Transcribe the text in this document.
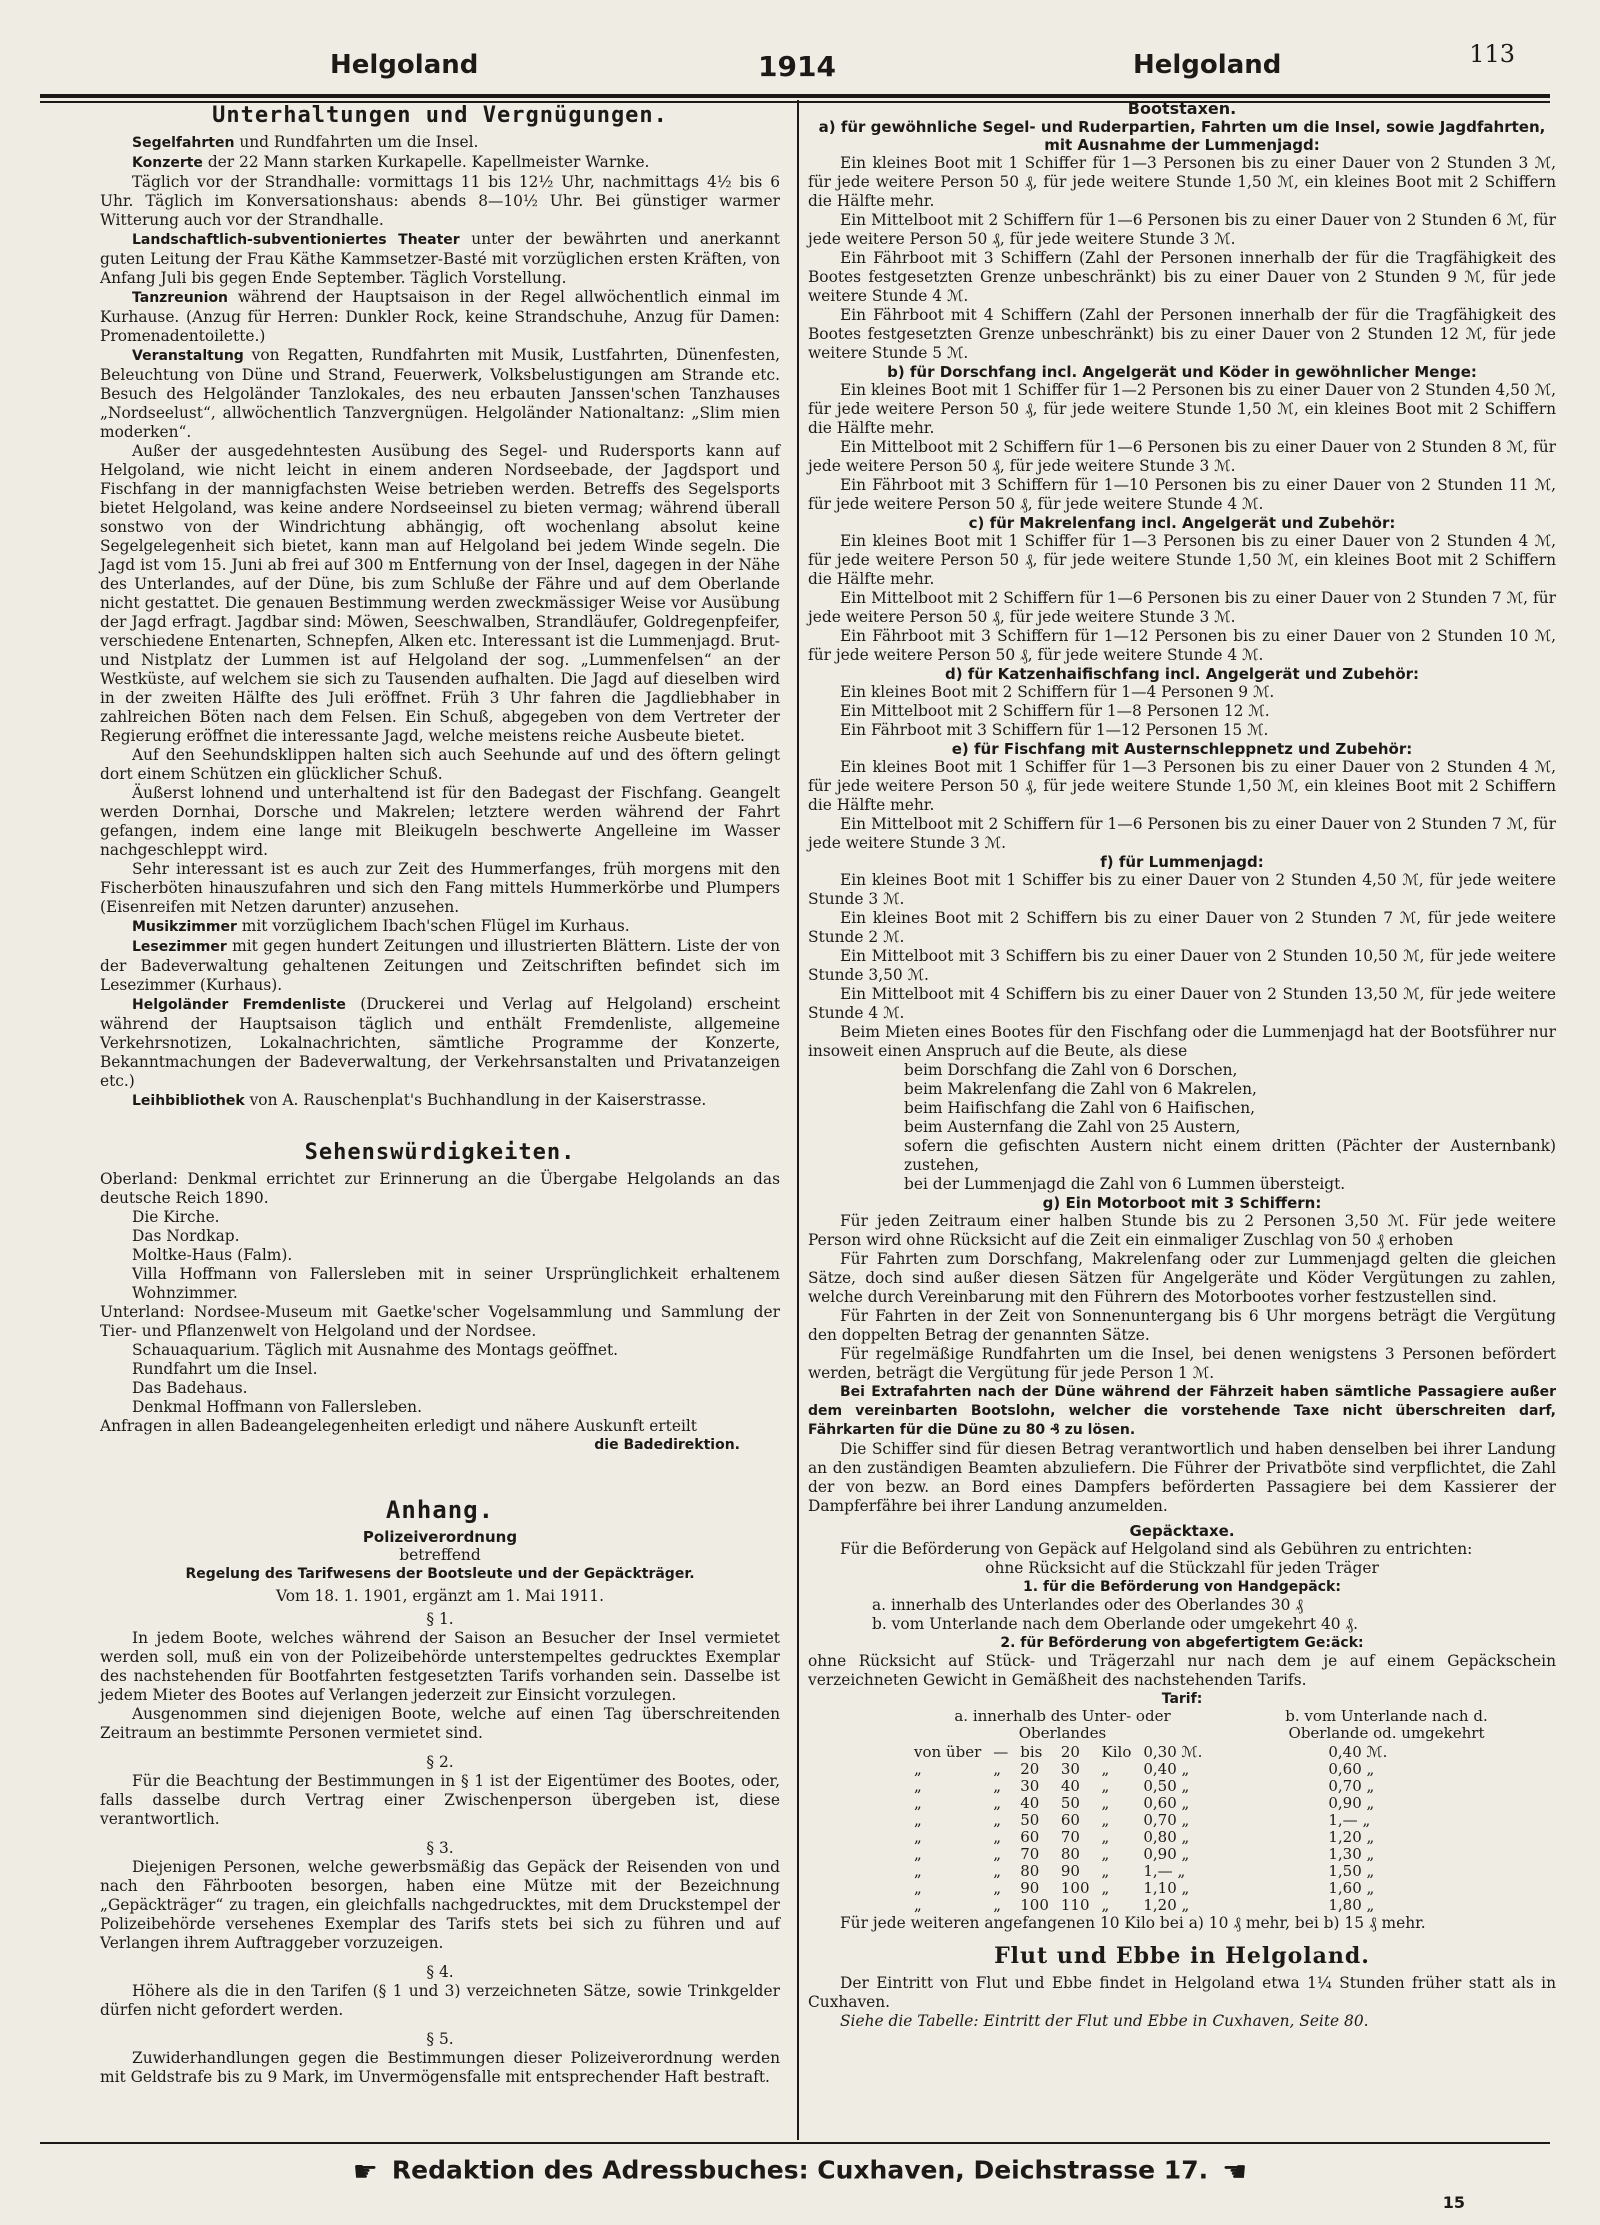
Helgoland	1914	Helgoland	113
Unterhaltungen und Vergnügungen.

Segelfahrten und Rundfahrten um die Insel.

Konzerte der 22 Mann starken Kurkapelle. Kapellmeister Warnke.

Täglich vor der Strandhalle: vormittags 11 bis 12½ Uhr, nachmittags 4½ bis 6 Uhr. Täglich im Konversationshaus: abends 8—10½ Uhr. Bei günstiger warmer Witterung auch vor der Strandhalle.

Landschaftlich-subventioniertes Theater unter der bewährten und anerkannt guten Leitung der Frau Käthe Kammsetzer-Basté mit vorzüglichen ersten Kräften, von Anfang Juli bis gegen Ende September. Täglich Vorstellung.

Tanzreunion während der Hauptsaison in der Regel allwöchentlich einmal im Kurhause. (Anzug für Herren: Dunkler Rock, keine Strandschuhe, Anzug für Damen: Promenadentoilette.)

Veranstaltung von Regatten, Rundfahrten mit Musik, Lustfahrten, Dünenfesten, Beleuchtung von Düne und Strand, Feuerwerk, Volksbelustigungen am Strande etc. Besuch des Helgoländer Tanzlokales, des neu erbauten Janssen'schen Tanzhauses „Nordseelust“, allwöchentlich Tanzvergnügen. Helgoländer Nationaltanz: „Slim mien moderken“.

Außer der ausgedehntesten Ausübung des Segel- und Rudersports kann auf Helgoland, wie nicht leicht in einem anderen Nordseebade, der Jagdsport und Fischfang in der mannigfachsten Weise betrieben werden. Betreffs des Segelsports bietet Helgoland, was keine andere Nordseeinsel zu bieten vermag; während überall sonstwo von der Windrichtung abhängig, oft wochenlang absolut keine Segelgelegenheit sich bietet, kann man auf Helgoland bei jedem Winde segeln. Die Jagd ist vom 15. Juni ab frei auf 300 m Entfernung von der Insel, dagegen in der Nähe des Unterlandes, auf der Düne, bis zum Schluße der Fähre und auf dem Oberlande nicht gestattet. Die genauen Bestimmung werden zweckmässiger Weise vor Ausübung der Jagd erfragt. Jagdbar sind: Möwen, Seeschwalben, Strandläufer, Goldregenpfeifer, verschiedene Entenarten, Schnepfen, Alken etc. Interessant ist die Lummenjagd. Brut- und Nistplatz der Lummen ist auf Helgoland der sog. „Lummenfelsen“ an der Westküste, auf welchem sie sich zu Tausenden aufhalten. Die Jagd auf dieselben wird in der zweiten Hälfte des Juli eröffnet. Früh 3 Uhr fahren die Jagdliebhaber in zahlreichen Böten nach dem Felsen. Ein Schuß, abgegeben von dem Vertreter der Regierung eröffnet die interessante Jagd, welche meistens reiche Ausbeute bietet.

Auf den Seehundsklippen halten sich auch Seehunde auf und des öftern gelingt dort einem Schützen ein glücklicher Schuß.

Äußerst lohnend und unterhaltend ist für den Badegast der Fischfang. Geangelt werden Dornhai, Dorsche und Makrelen; letztere werden während der Fahrt gefangen, indem eine lange mit Bleikugeln beschwerte Angelleine im Wasser nachgeschleppt wird.

Sehr interessant ist es auch zur Zeit des Hummerfanges, früh morgens mit den Fischerböten hinauszufahren und sich den Fang mittels Hummerkörbe und Plumpers (Eisenreifen mit Netzen darunter) anzusehen.

Musikzimmer mit vorzüglichem Ibach'schen Flügel im Kurhaus.

Lesezimmer mit gegen hundert Zeitungen und illustrierten Blättern. Liste der von der Badeverwaltung gehaltenen Zeitungen und Zeitschriften befindet sich im Lesezimmer (Kurhaus).

Helgoländer Fremdenliste (Druckerei und Verlag auf Helgoland) erscheint während der Hauptsaison täglich und enthält Fremdenliste, allgemeine Verkehrsnotizen, Lokalnachrichten, sämtliche Programme der Konzerte, Bekanntmachungen der Badeverwaltung, der Verkehrsanstalten und Privatanzeigen etc.)

Leihbibliothek von A. Rauschenplat's Buchhandlung in der Kaiserstrasse.

Sehenswürdigkeiten.

Oberland: Denkmal errichtet zur Erinnerung an die Übergabe Helgolands an das deutsche Reich 1890.

Die Kirche.

Das Nordkap.

Moltke-Haus (Falm).

Villa Hoffmann von Fallersleben mit in seiner Ursprünglichkeit erhaltenem Wohnzimmer.

Unterland: Nordsee-Museum mit Gaetke'scher Vogelsammlung und Sammlung der Tier- und Pflanzenwelt von Helgoland und der Nordsee.

Schauaquarium. Täglich mit Ausnahme des Montags geöffnet.

Rundfahrt um die Insel.

Das Badehaus.

Denkmal Hoffmann von Fallersleben.

Anfragen in allen Badeangelegenheiten erledigt und nähere Auskunft erteilt

die Badedirektion.
Anhang.
Polizeiverordnung
betreffend
Regelung des Tarifwesens der Bootsleute und der Gepäckträger.
Vom 18. 1. 1901, ergänzt am 1. Mai 1911.
§ 1.

In jedem Boote, welches während der Saison an Besucher der Insel vermietet werden soll, muß ein von der Polizeibehörde unterstempeltes gedrucktes Exemplar des nachstehenden für Bootfahrten festgesetzten Tarifs vorhanden sein. Dasselbe ist jedem Mieter des Bootes auf Verlangen jederzeit zur Einsicht vorzulegen.

Ausgenommen sind diejenigen Boote, welche auf einen Tag überschreitenden Zeitraum an bestimmte Personen vermietet sind.

§ 2.

Für die Beachtung der Bestimmungen in § 1 ist der Eigentümer des Bootes, oder, falls dasselbe durch Vertrag einer Zwischenperson übergeben ist, diese verantwortlich.

§ 3.

Diejenigen Personen, welche gewerbsmäßig das Gepäck der Reisenden von und nach den Fährbooten besorgen, haben eine Mütze mit der Bezeichnung „Gepäckträger“ zu tragen, ein gleichfalls nachgedrucktes, mit dem Druckstempel der Polizeibehörde versehenes Exemplar des Tarifs stets bei sich zu führen und auf Verlangen ihrem Auftraggeber vorzuzeigen.

§ 4.

Höhere als die in den Tarifen (§ 1 und 3) verzeichneten Sätze, sowie Trinkgelder dürfen nicht gefordert werden.

§ 5.

Zuwiderhandlungen gegen die Bestimmungen dieser Polizeiverordnung werden mit Geldstrafe bis zu 9 Mark, im Unvermögensfalle mit entsprechender Haft bestraft.

Bootstaxen.
a) für gewöhnliche Segel- und Ruderpartien, Fahrten um die Insel, sowie Jagdfahrten, mit Ausnahme der Lummenjagd:

Ein kleines Boot mit 1 Schiffer für 1—3 Personen bis zu einer Dauer von 2 Stunden 3 ℳ, für jede weitere Person 50 ₰, für jede weitere Stunde 1,50 ℳ, ein kleines Boot mit 2 Schiffern die Hälfte mehr.

Ein Mittelboot mit 2 Schiffern für 1—6 Personen bis zu einer Dauer von 2 Stunden 6 ℳ, für jede weitere Person 50 ₰, für jede weitere Stunde 3 ℳ.

Ein Fährboot mit 3 Schiffern (Zahl der Personen innerhalb der für die Tragfähigkeit des Bootes festgesetzten Grenze unbeschränkt) bis zu einer Dauer von 2 Stunden 9 ℳ, für jede weitere Stunde 4 ℳ.

Ein Fährboot mit 4 Schiffern (Zahl der Personen innerhalb der für die Tragfähigkeit des Bootes festgesetzten Grenze unbeschränkt) bis zu einer Dauer von 2 Stunden 12 ℳ, für jede weitere Stunde 5 ℳ.

b) für Dorschfang incl. Angelgerät und Köder in gewöhnlicher Menge:

Ein kleines Boot mit 1 Schiffer für 1—2 Personen bis zu einer Dauer von 2 Stunden 4,50 ℳ, für jede weitere Person 50 ₰, für jede weitere Stunde 1,50 ℳ, ein kleines Boot mit 2 Schiffern die Hälfte mehr.

Ein Mittelboot mit 2 Schiffern für 1—6 Personen bis zu einer Dauer von 2 Stunden 8 ℳ, für jede weitere Person 50 ₰, für jede weitere Stunde 3 ℳ.

Ein Fährboot mit 3 Schiffern für 1—10 Personen bis zu einer Dauer von 2 Stunden 11 ℳ, für jede weitere Person 50 ₰, für jede weitere Stunde 4 ℳ.

c) für Makrelenfang incl. Angelgerät und Zubehör:

Ein kleines Boot mit 1 Schiffer für 1—3 Personen bis zu einer Dauer von 2 Stunden 4 ℳ, für jede weitere Person 50 ₰, für jede weitere Stunde 1,50 ℳ, ein kleines Boot mit 2 Schiffern die Hälfte mehr.

Ein Mittelboot mit 2 Schiffern für 1—6 Personen bis zu einer Dauer von 2 Stunden 7 ℳ, für jede weitere Person 50 ₰, für jede weitere Stunde 3 ℳ.

Ein Fährboot mit 3 Schiffern für 1—12 Personen bis zu einer Dauer von 2 Stunden 10 ℳ, für jede weitere Person 50 ₰, für jede weitere Stunde 4 ℳ.

d) für Katzenhaifischfang incl. Angelgerät und Zubehör:

Ein kleines Boot mit 2 Schiffern für 1—4 Personen 9 ℳ.

Ein Mittelboot mit 2 Schiffern für 1—8 Personen 12 ℳ.

Ein Fährboot mit 3 Schiffern für 1—12 Personen 15 ℳ.

e) für Fischfang mit Austernschleppnetz und Zubehör:

Ein kleines Boot mit 1 Schiffer für 1—3 Personen bis zu einer Dauer von 2 Stunden 4 ℳ, für jede weitere Person 50 ₰, für jede weitere Stunde 1,50 ℳ, ein kleines Boot mit 2 Schiffern die Hälfte mehr.

Ein Mittelboot mit 2 Schiffern für 1—6 Personen bis zu einer Dauer von 2 Stunden 7 ℳ, für jede weitere Stunde 3 ℳ.

f) für Lummenjagd:

Ein kleines Boot mit 1 Schiffer bis zu einer Dauer von 2 Stunden 4,50 ℳ, für jede weitere Stunde 3 ℳ.

Ein kleines Boot mit 2 Schiffern bis zu einer Dauer von 2 Stunden 7 ℳ, für jede weitere Stunde 2 ℳ.

Ein Mittelboot mit 3 Schiffern bis zu einer Dauer von 2 Stunden 10,50 ℳ, für jede weitere Stunde 3,50 ℳ.

Ein Mittelboot mit 4 Schiffern bis zu einer Dauer von 2 Stunden 13,50 ℳ, für jede weitere Stunde 4 ℳ.

Beim Mieten eines Bootes für den Fischfang oder die Lummenjagd hat der Bootsführer nur insoweit einen Anspruch auf die Beute, als diese

beim Dorschfang die Zahl von 6 Dorschen,

beim Makrelenfang die Zahl von 6 Makrelen,

beim Haifischfang die Zahl von 6 Haifischen,

beim Austernfang die Zahl von 25 Austern,

sofern die gefischten Austern nicht einem dritten (Pächter der Austernbank) zustehen,

bei der Lummenjagd die Zahl von 6 Lummen übersteigt.

g) Ein Motorboot mit 3 Schiffern:

Für jeden Zeitraum einer halben Stunde bis zu 2 Personen 3,50 ℳ. Für jede weitere Person wird ohne Rücksicht auf die Zeit ein einmaliger Zuschlag von 50 ₰ erhoben

Für Fahrten zum Dorschfang, Makrelenfang oder zur Lummenjagd gelten die gleichen Sätze, doch sind außer diesen Sätzen für Angelgeräte und Köder Vergütungen zu zahlen, welche durch Vereinbarung mit den Führern des Motorbootes vorher festzustellen sind.

Für Fahrten in der Zeit von Sonnenuntergang bis 6 Uhr morgens beträgt die Vergütung den doppelten Betrag der genannten Sätze.

Für regelmäßige Rundfahrten um die Insel, bei denen wenigstens 3 Personen befördert werden, beträgt die Vergütung für jede Person 1 ℳ.

Bei Extrafahrten nach der Düne während der Fährzeit haben sämtliche Passagiere außer dem vereinbarten Bootslohn, welcher die vorstehende Taxe nicht überschreiten darf, Fährkarten für die Düne zu 80 ₰ zu lösen.

Die Schiffer sind für diesen Betrag verantwortlich und haben denselben bei ihrer Landung an den zuständigen Beamten abzuliefern. Die Führer der Privatböte sind verpflichtet, die Zahl der von bezw. an Bord eines Dampfers beförderten Passagiere bei dem Kassierer der Dampferfähre bei ihrer Landung anzumelden.

Gepäcktaxe.

Für die Beförderung von Gepäck auf Helgoland sind als Gebühren zu entrichten:

ohne Rücksicht auf die Stückzahl für jeden Träger

1. für die Beförderung von Handgepäck:
a. innerhalb des Unterlandes oder des Oberlandes 30 ₰
b. vom Unterlande nach dem Oberlande oder umgekehrt 40 ₰.
2. für Beförderung von abgefertigtem Ge:äck:

ohne Rücksicht auf Stück- und Trägerzahl nur nach dem je auf einem Gepäckschein verzeichneten Gewicht in Gemäßheit des nachstehenden Tarifs.

Tarif:
a. innerhalb des Unter- oder Oberlandes
b. vom Unterlande nach d. Oberlande od. umgekehrt
von über	—	bis	20	Kilo	0,30 ℳ.	0,40 ℳ.
„	„	20	30	„	0,40 „	0,60 „
„	„	30	40	„	0,50 „	0,70 „
„	„	40	50	„	0,60 „	0,90 „
„	„	50	60	„	0,70 „	1,— „
„	„	60	70	„	0,80 „	1,20 „
„	„	70	80	„	0,90 „	1,30 „
„	„	80	90	„	1,— „	1,50 „
„	„	90	100	„	1,10 „	1,60 „
„	„	100	110	„	1,20 „	1,80 „

Für jede weiteren angefangenen 10 Kilo bei a) 10 ₰ mehr, bei b) 15 ₰ mehr.

Flut und Ebbe in Helgoland.

Der Eintritt von Flut und Ebbe findet in Helgoland etwa 1¼ Stunden früher statt als in Cuxhaven.

Siehe die Tabelle: Eintritt der Flut und Ebbe in Cuxhaven, Seite 80.

☛ Redaktion des Adressbuches: Cuxhaven, Deichstrasse 17. ☚
15
